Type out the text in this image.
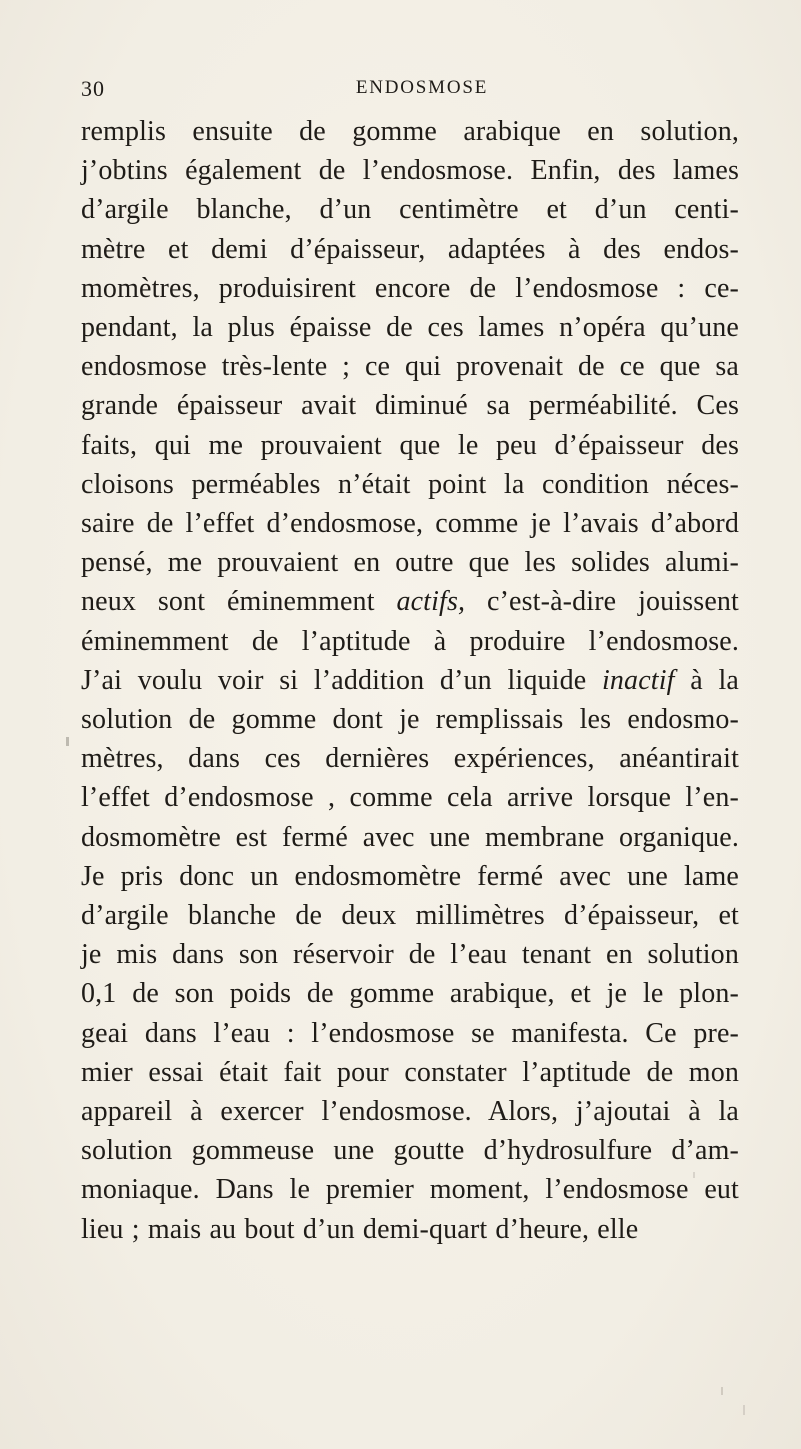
30	ENDOSMOSE

remplis ensuite de gomme arabique en solution,
j’obtins également de l’endosmose. Enfin, des lames
d’argile blanche, d’un centimètre et d’un centi-
mètre et demi d’épaisseur, adaptées à des endos-
momètres, produisirent encore de l’endosmose : ce-
pendant, la plus épaisse de ces lames n’opéra qu’une
endosmose très-lente ; ce qui provenait de ce que sa
grande épaisseur avait diminué sa perméabilité. Ces
faits, qui me prouvaient que le peu d’épaisseur des
cloisons perméables n’était point la condition néces-
saire de l’effet d’endosmose, comme je l’avais d’abord
pensé, me prouvaient en outre que les solides alumi-
neux sont éminemment actifs, c’est-à-dire jouissent
éminemment de l’aptitude à produire l’endosmose.
J’ai voulu voir si l’addition d’un liquide inactif à la
solution de gomme dont je remplissais les endosmo-
mètres, dans ces dernières expériences, anéantirait
l’effet d’endosmose , comme cela arrive lorsque l’en-
dosmomètre est fermé avec une membrane organique.
Je pris donc un endosmomètre fermé avec une lame
d’argile blanche de deux millimètres d’épaisseur, et
je mis dans son réservoir de l’eau tenant en solution
0,1 de son poids de gomme arabique, et je le plon-
geai dans l’eau : l’endosmose se manifesta. Ce pre-
mier essai était fait pour constater l’aptitude de mon
appareil à exercer l’endosmose. Alors, j’ajoutai à la
solution gommeuse une goutte d’hydrosulfure d’am-
moniaque. Dans le premier moment, l’endosmose eut
lieu ; mais au bout d’un demi-quart d’heure, elle
